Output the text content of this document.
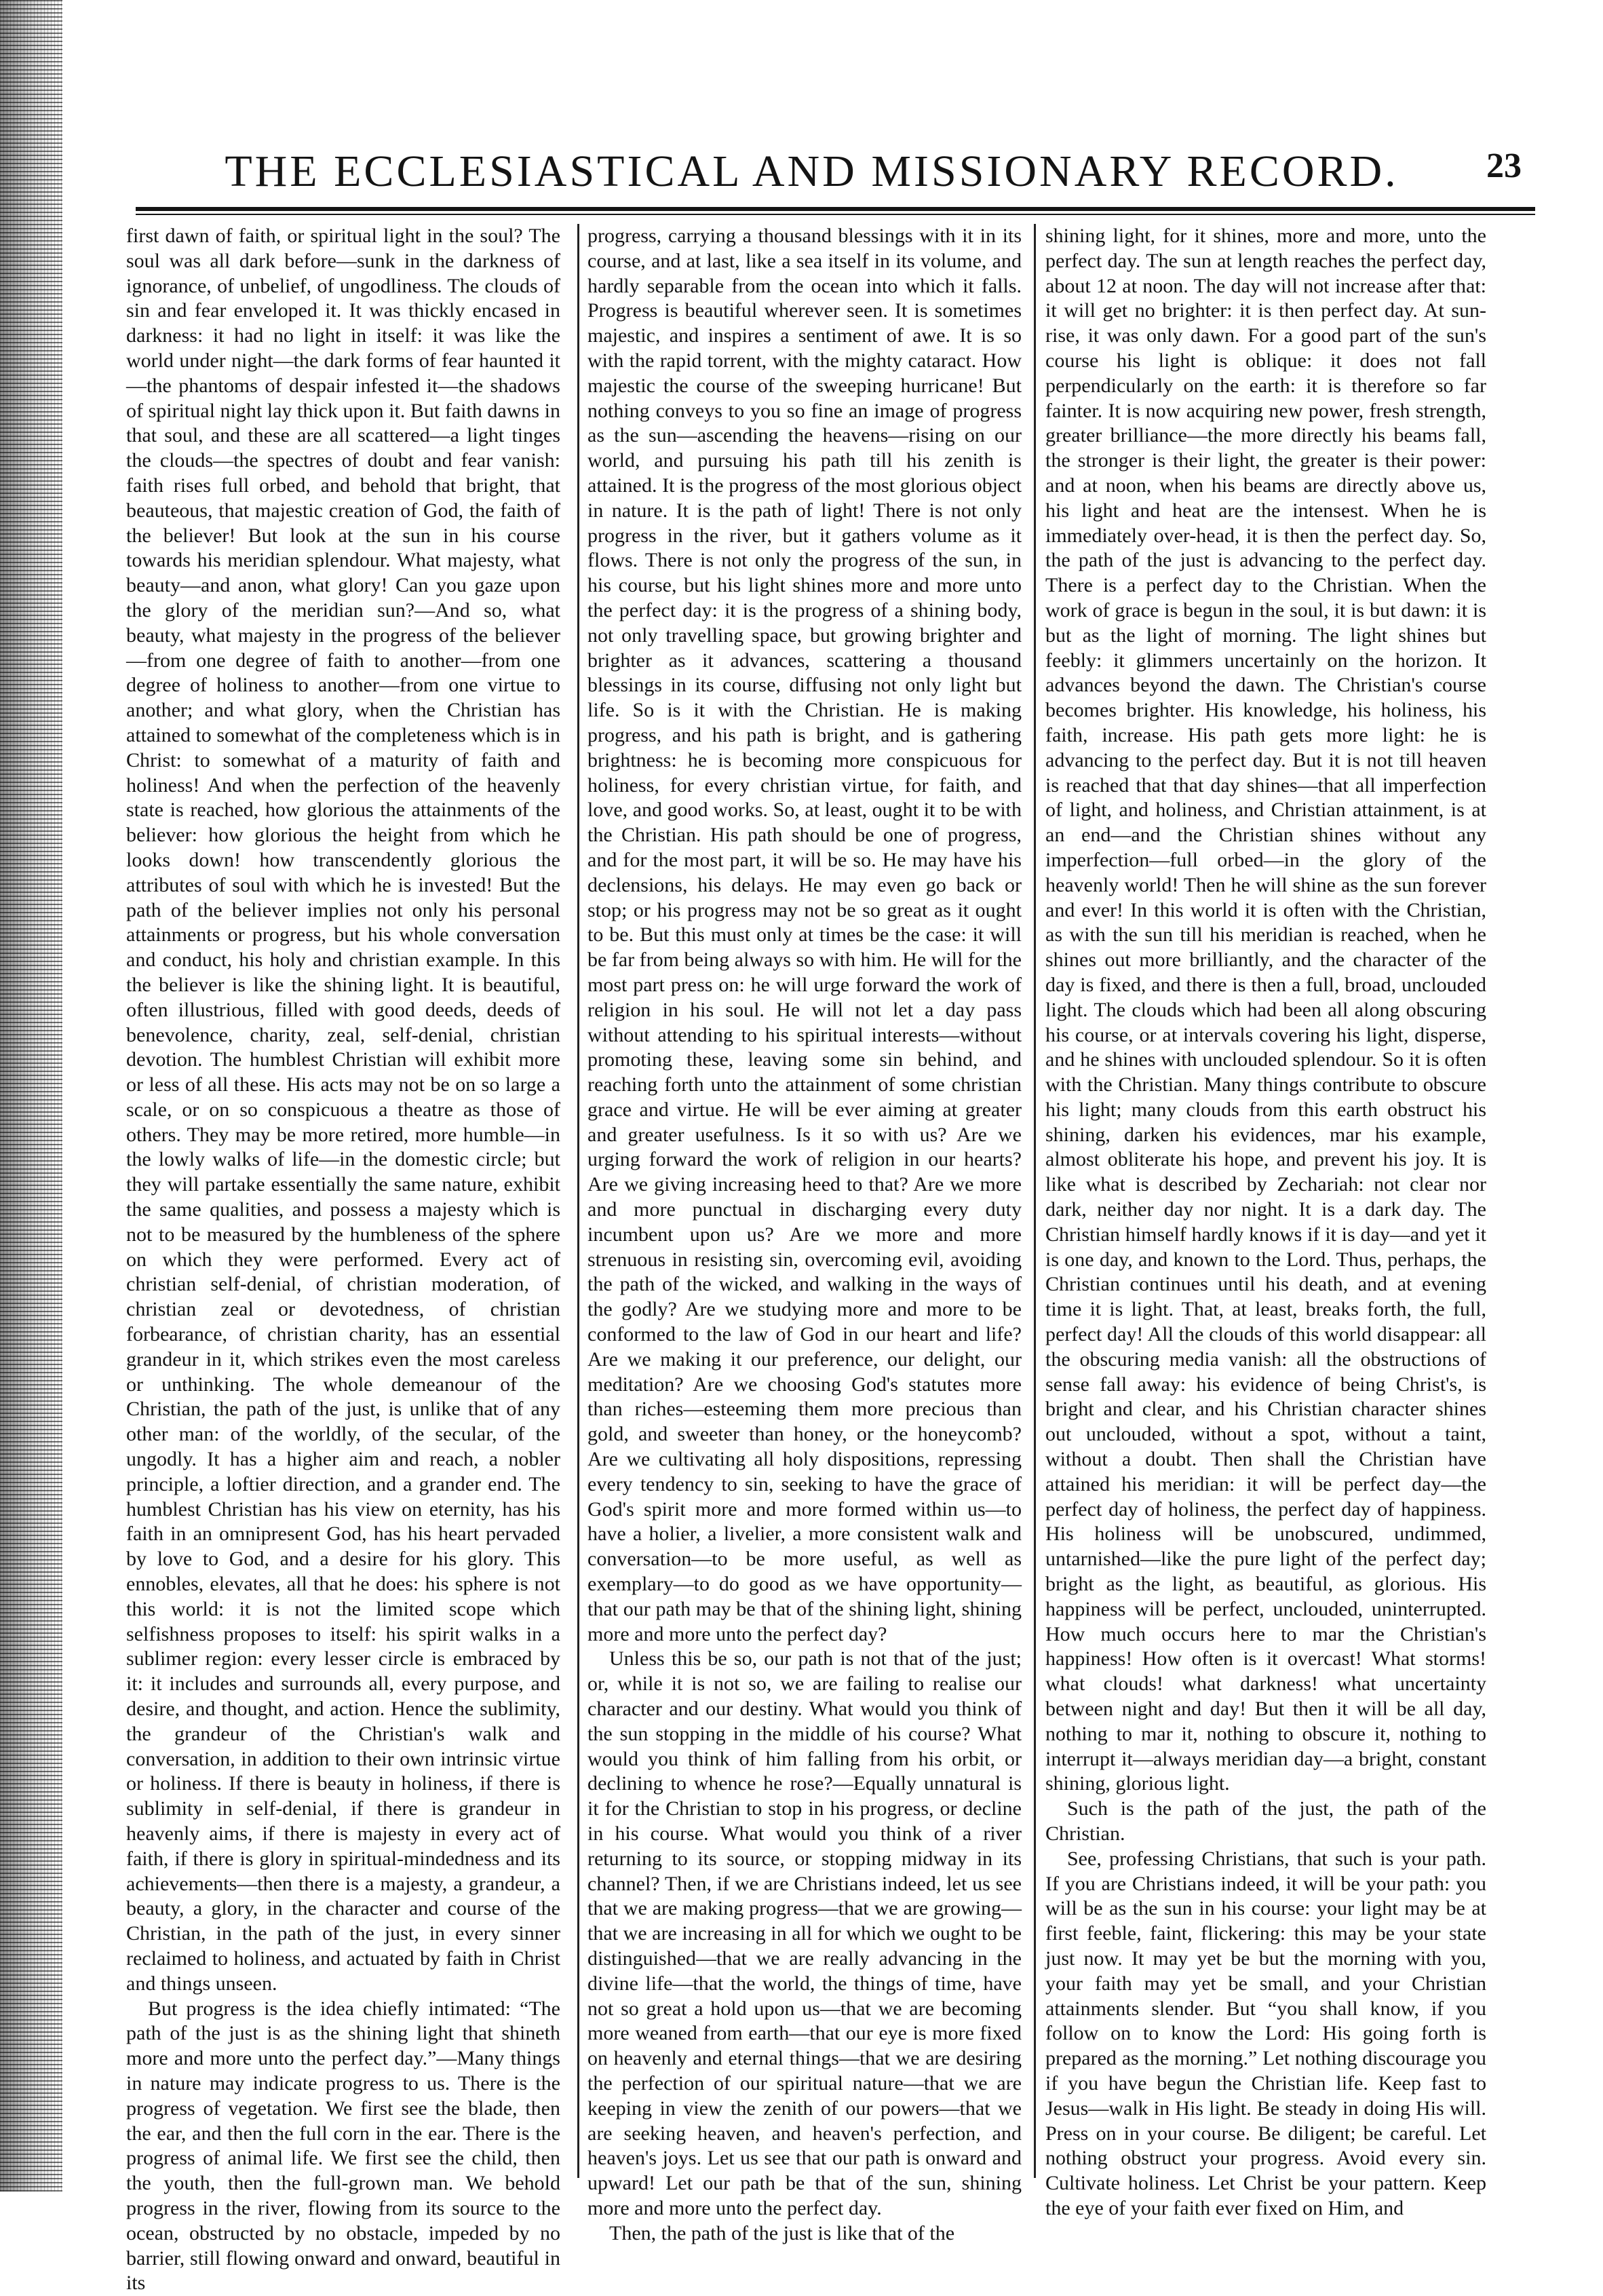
THE ECCLESIASTICAL AND MISSIONARY RECORD.	23

first dawn of faith, or spiritual light in the soul? The soul was all dark before—sunk in the darkness of ignorance, of unbelief, of ungodliness. The clouds of sin and fear enveloped it. It was thickly encased in darkness: it had no light in itself: it was like the world under night—the dark forms of fear haunted it—the phantoms of despair infested it—the shadows of spiritual night lay thick upon it. But faith dawns in that soul, and these are all scattered—a light tinges the clouds—the spectres of doubt and fear vanish: faith rises full orbed, and behold that bright, that beauteous, that majestic creation of God, the faith of the believer! But look at the sun in his course towards his meridian splendour. What majesty, what beauty—and anon, what glory! Can you gaze upon the glory of the meridian sun?—And so, what beauty, what majesty in the progress of the believer—from one degree of faith to another—from one degree of holiness to another—from one virtue to another; and what glory, when the Christian has attained to somewhat of the completeness which is in Christ: to somewhat of a maturity of faith and holiness! And when the perfection of the heavenly state is reached, how glorious the attainments of the believer: how glorious the height from which he looks down! how transcendently glorious the attributes of soul with which he is invested! But the path of the believer implies not only his personal attainments or progress, but his whole conversation and conduct, his holy and christian example. In this the believer is like the shining light. It is beautiful, often illustrious, filled with good deeds, deeds of benevolence, charity, zeal, self-denial, christian devotion. The humblest Christian will exhibit more or less of all these. His acts may not be on so large a scale, or on so conspicuous a theatre as those of others. They may be more retired, more humble—in the lowly walks of life—in the domestic circle; but they will partake essentially the same nature, exhibit the same qualities, and possess a majesty which is not to be measured by the humbleness of the sphere on which they were performed. Every act of christian self-denial, of christian moderation, of christian zeal or devotedness, of christian forbearance, of christian charity, has an essential grandeur in it, which strikes even the most careless or unthinking. The whole demeanour of the Christian, the path of the just, is unlike that of any other man: of the worldly, of the secular, of the ungodly. It has a higher aim and reach, a nobler principle, a loftier direction, and a grander end. The humblest Christian has his view on eternity, has his faith in an omnipresent God, has his heart pervaded by love to God, and a desire for his glory. This ennobles, elevates, all that he does: his sphere is not this world: it is not the limited scope which selfishness proposes to itself: his spirit walks in a sublimer region: every lesser circle is embraced by it: it includes and surrounds all, every purpose, and desire, and thought, and action. Hence the sublimity, the grandeur of the Christian's walk and conversation, in addition to their own intrinsic virtue or holiness. If there is beauty in holiness, if there is sublimity in self-denial, if there is grandeur in heavenly aims, if there is majesty in every act of faith, if there is glory in spiritual-mindedness and its achievements—then there is a majesty, a grandeur, a beauty, a glory, in the character and course of the Christian, in the path of the just, in every sinner reclaimed to holiness, and actuated by faith in Christ and things unseen.

But progress is the idea chiefly intimated: “The path of the just is as the shining light that shineth more and more unto the perfect day.”—Many things in nature may indicate progress to us. There is the progress of vegetation. We first see the blade, then the ear, and then the full corn in the ear. There is the progress of animal life. We first see the child, then the youth, then the full-grown man. We behold progress in the river, flowing from its source to the ocean, obstructed by no obstacle, impeded by no barrier, still flowing onward and onward, beautiful in its

progress, carrying a thousand blessings with it in its course, and at last, like a sea itself in its volume, and hardly separable from the ocean into which it falls. Progress is beautiful wherever seen. It is sometimes majestic, and inspires a sentiment of awe. It is so with the rapid torrent, with the mighty cataract. How majestic the course of the sweeping hurricane! But nothing conveys to you so fine an image of progress as the sun—ascending the heavens—rising on our world, and pursuing his path till his zenith is attained. It is the progress of the most glorious object in nature. It is the path of light! There is not only progress in the river, but it gathers volume as it flows. There is not only the progress of the sun, in his course, but his light shines more and more unto the perfect day: it is the progress of a shining body, not only travelling space, but growing brighter and brighter as it advances, scattering a thousand blessings in its course, diffusing not only light but life. So is it with the Christian. He is making progress, and his path is bright, and is gathering brightness: he is becoming more conspicuous for holiness, for every christian virtue, for faith, and love, and good works. So, at least, ought it to be with the Christian. His path should be one of progress, and for the most part, it will be so. He may have his declensions, his delays. He may even go back or stop; or his progress may not be so great as it ought to be. But this must only at times be the case: it will be far from being always so with him. He will for the most part press on: he will urge forward the work of religion in his soul. He will not let a day pass without attending to his spiritual interests—without promoting these, leaving some sin behind, and reaching forth unto the attainment of some christian grace and virtue. He will be ever aiming at greater and greater usefulness. Is it so with us? Are we urging forward the work of religion in our hearts? Are we giving increasing heed to that? Are we more and more punctual in discharging every duty incumbent upon us? Are we more and more strenuous in resisting sin, overcoming evil, avoiding the path of the wicked, and walking in the ways of the godly? Are we studying more and more to be conformed to the law of God in our heart and life? Are we making it our preference, our delight, our meditation? Are we choosing God's statutes more than riches—esteeming them more precious than gold, and sweeter than honey, or the honeycomb? Are we cultivating all holy dispositions, repressing every tendency to sin, seeking to have the grace of God's spirit more and more formed within us—to have a holier, a livelier, a more consistent walk and conversation—to be more useful, as well as exemplary—to do good as we have opportunity—that our path may be that of the shining light, shining more and more unto the perfect day?

Unless this be so, our path is not that of the just; or, while it is not so, we are failing to realise our character and our destiny. What would you think of the sun stopping in the middle of his course? What would you think of him falling from his orbit, or declining to whence he rose?—Equally unnatural is it for the Christian to stop in his progress, or decline in his course. What would you think of a river returning to its source, or stopping midway in its channel? Then, if we are Christians indeed, let us see that we are making progress—that we are growing—that we are increasing in all for which we ought to be distinguished—that we are really advancing in the divine life—that the world, the things of time, have not so great a hold upon us—that we are becoming more weaned from earth—that our eye is more fixed on heavenly and eternal things—that we are desiring the perfection of our spiritual nature—that we are keeping in view the zenith of our powers—that we are seeking heaven, and heaven's perfection, and heaven's joys. Let us see that our path is onward and upward! Let our path be that of the sun, shining more and more unto the perfect day.

Then, the path of the just is like that of the

shining light, for it shines, more and more, unto the perfect day. The sun at length reaches the perfect day, about 12 at noon. The day will not increase after that: it will get no brighter: it is then perfect day. At sun-rise, it was only dawn. For a good part of the sun's course his light is oblique: it does not fall perpendicularly on the earth: it is therefore so far fainter. It is now acquiring new power, fresh strength, greater brilliance—the more directly his beams fall, the stronger is their light, the greater is their power: and at noon, when his beams are directly above us, his light and heat are the intensest. When he is immediately over-head, it is then the perfect day. So, the path of the just is advancing to the perfect day. There is a perfect day to the Christian. When the work of grace is begun in the soul, it is but dawn: it is but as the light of morning. The light shines but feebly: it glimmers uncertainly on the horizon. It advances beyond the dawn. The Christian's course becomes brighter. His knowledge, his holiness, his faith, increase. His path gets more light: he is advancing to the perfect day. But it is not till heaven is reached that that day shines—that all imperfection of light, and holiness, and Christian attainment, is at an end—and the Christian shines without any imperfection—full orbed—in the glory of the heavenly world! Then he will shine as the sun forever and ever! In this world it is often with the Christian, as with the sun till his meridian is reached, when he shines out more brilliantly, and the character of the day is fixed, and there is then a full, broad, unclouded light. The clouds which had been all along obscuring his course, or at intervals covering his light, disperse, and he shines with unclouded splendour. So it is often with the Christian. Many things contribute to obscure his light; many clouds from this earth obstruct his shining, darken his evidences, mar his example, almost obliterate his hope, and prevent his joy. It is like what is described by Zechariah: not clear nor dark, neither day nor night. It is a dark day. The Christian himself hardly knows if it is day—and yet it is one day, and known to the Lord. Thus, perhaps, the Christian continues until his death, and at evening time it is light. That, at least, breaks forth, the full, perfect day! All the clouds of this world disappear: all the obscuring media vanish: all the obstructions of sense fall away: his evidence of being Christ's, is bright and clear, and his Christian character shines out unclouded, without a spot, without a taint, without a doubt. Then shall the Christian have attained his meridian: it will be perfect day—the perfect day of holiness, the perfect day of happiness. His holiness will be unobscured, undimmed, untarnished—like the pure light of the perfect day; bright as the light, as beautiful, as glorious. His happiness will be perfect, unclouded, uninterrupted. How much occurs here to mar the Christian's happiness! How often is it overcast! What storms! what clouds! what darkness! what uncertainty between night and day! But then it will be all day, nothing to mar it, nothing to obscure it, nothing to interrupt it—always meridian day—a bright, constant shining, glorious light.

Such is the path of the just, the path of the Christian.

See, professing Christians, that such is your path. If you are Christians indeed, it will be your path: you will be as the sun in his course: your light may be at first feeble, faint, flickering: this may be your state just now. It may yet be but the morning with you, your faith may yet be small, and your Christian attainments slender. But “you shall know, if you follow on to know the Lord: His going forth is prepared as the morning.” Let nothing discourage you if you have begun the Christian life. Keep fast to Jesus—walk in His light. Be steady in doing His will. Press on in your course. Be diligent; be careful. Let nothing obstruct your progress. Avoid every sin. Cultivate holiness. Let Christ be your pattern. Keep the eye of your faith ever fixed on Him, and
